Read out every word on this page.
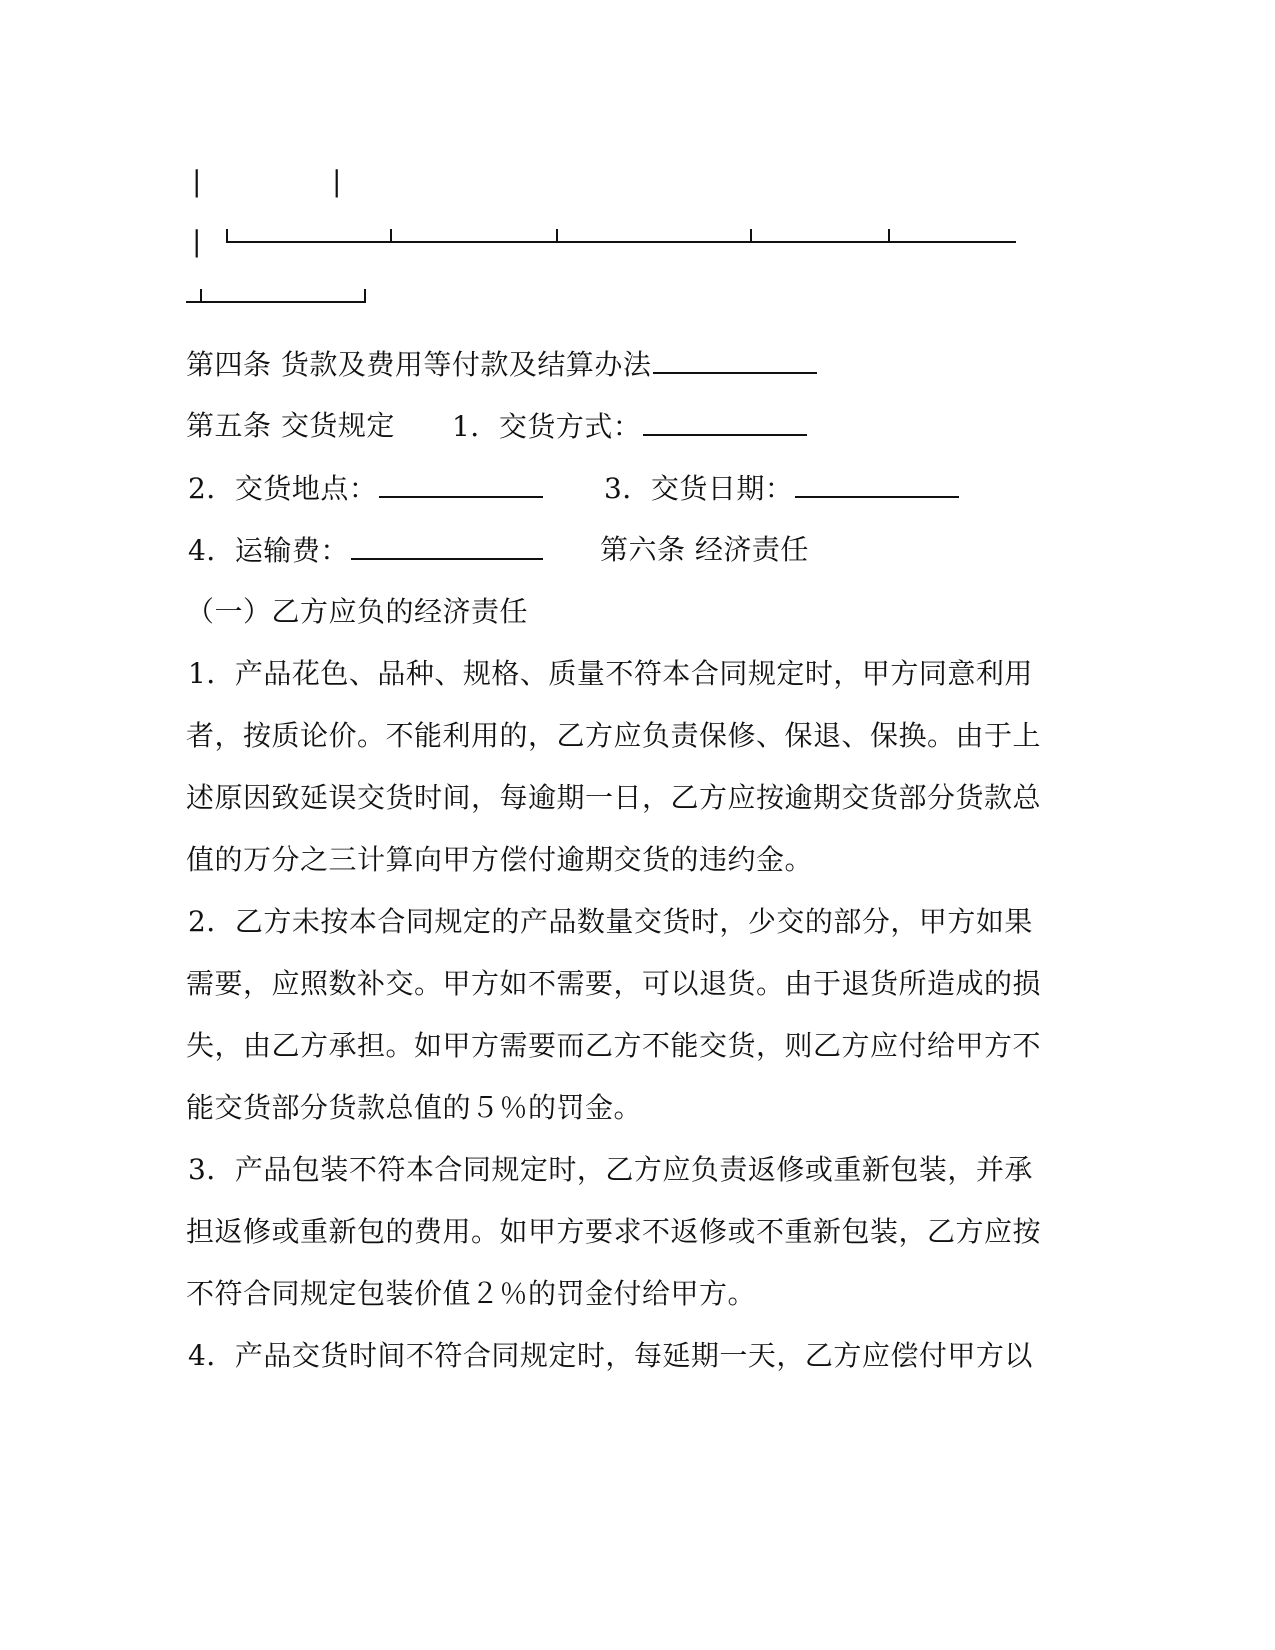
|	|
|
第四条 货款及费用等付款及结算办法
第五条 交货规定 1．交货方式：
2．交货地点：	3．交货日期：
4．运输费：	第六条 经济责任
（一）乙方应负的经济责任
1．产品花色、品种、规格、质量不符本合同规定时，甲方同意利用
者，按质论价。不能利用的，乙方应负责保修、保退、保换。由于上
述原因致延误交货时间，每逾期一日，乙方应按逾期交货部分货款总
值的万分之三计算向甲方偿付逾期交货的违约金。
2．乙方未按本合同规定的产品数量交货时，少交的部分，甲方如果
需要，应照数补交。甲方如不需要，可以退货。由于退货所造成的损
失，由乙方承担。如甲方需要而乙方不能交货，则乙方应付给甲方不
能交货部分货款总值的５％的罚金。
3．产品包装不符本合同规定时，乙方应负责返修或重新包装，并承
担返修或重新包的费用。如甲方要求不返修或不重新包装，乙方应按
不符合同规定包装价值２％的罚金付给甲方。
4．产品交货时间不符合同规定时，每延期一天，乙方应偿付甲方以
